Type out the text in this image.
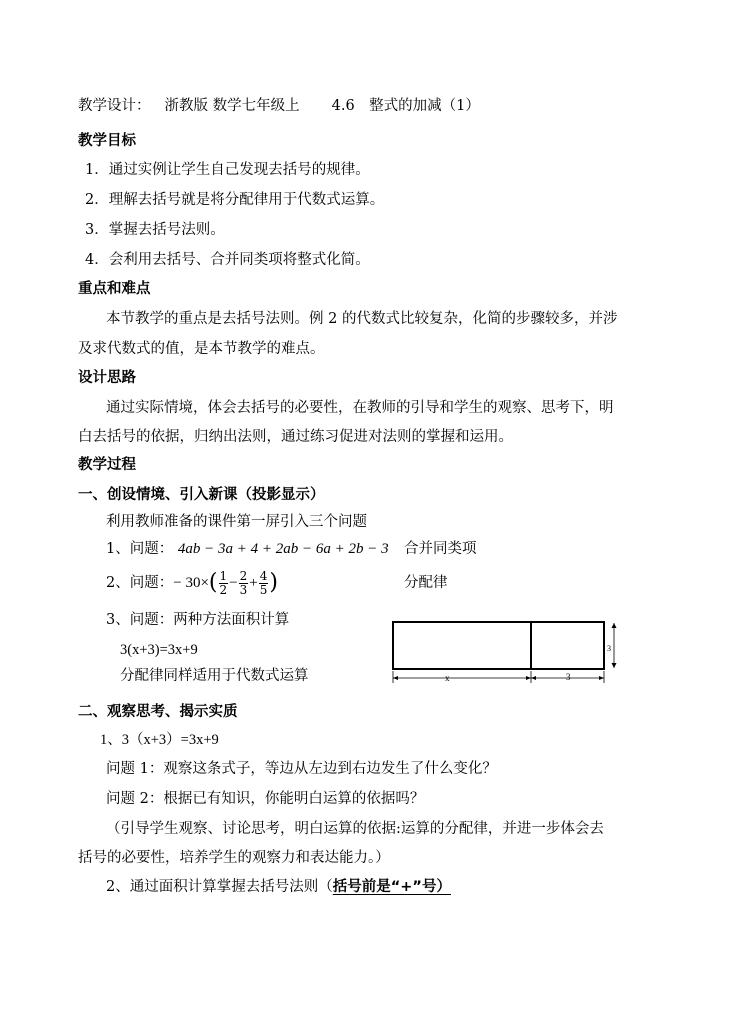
教学设计： 浙教版 数学七年级上 4.6　整式的加减（1）
教学目标
1．通过实例让学生自己发现去括号的规律。
2．理解去括号就是将分配律用于代数式运算。
3．掌握去括号法则。
4．会利用去括号、合并同类项将整式化简。
重点和难点
本节教学的重点是去括号法则。例 2 的代数式比较复杂，化简的步骤较多，并涉
及求代数式的值，是本节教学的难点。
设计思路
通过实际情境，体会去括号的必要性，在教师的引导和学生的观察、思考下，明
白去括号的依据，归纳出法则，通过练习促进对法则的掌握和运用。
教学过程
一、创设情境、引入新课（投影显示）
利用教师准备的课件第一屏引入三个问题
1、问题： 4ab − 3a + 4 + 2ab − 6a + 2b − 3 合并同类项
2、问题：− $30\times( \frac{1}{2} - \frac{2}{3} + \frac{4}{5}$ )	分配律
3、问题：两种方法面积计算
3(x+3)=3x+9
分配律同样适用于代数式运算
3
x	3
二、观察思考、揭示实质
1、3（x+3）=3x+9
问题 1：观察这条式子，等边从左边到右边发生了什么变化？
问题 2：根据已有知识，你能明白运算的依据吗？
（引导学生观察、讨论思考，明白运算的依据:运算的分配律，并进一步体会去
括号的必要性，培养学生的观察力和表达能力。）
2、通过面积计算掌握去括号法则（括号前是“+”号）
